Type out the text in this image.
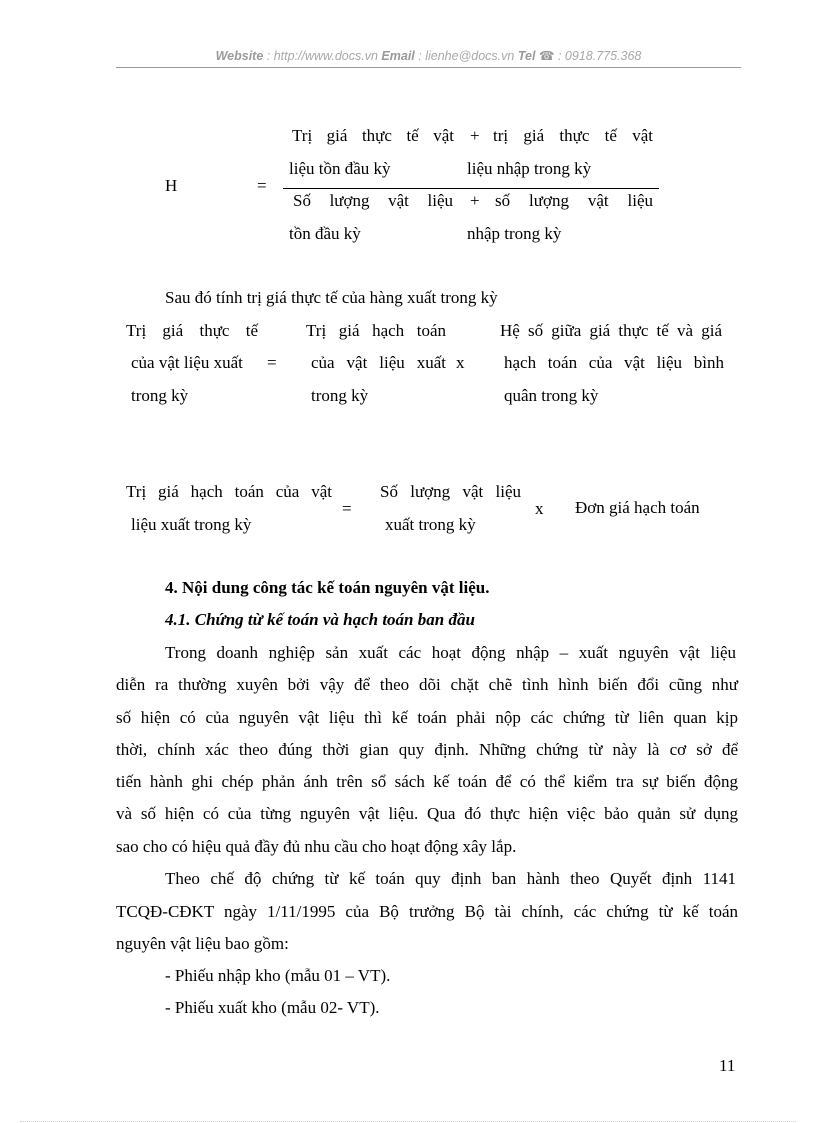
Website : http://www.docs.vn Email : lienhe@docs.vn Tel ☎ : 0918.775.368
Trị giá thực tế vật + trị giá thực tế vật
liệu tồn đầu kỳ	liệu nhập trong kỳ
H	=
Số lượng vật liệu + số lượng vật liệu
tồn đầu kỳ	nhập trong kỳ
Sau đó tính trị giá thực tế của hàng xuất trong kỳ
Trị giá thực tế
của vật liệu xuất =
trong kỳ
Trị giá hạch toán
của vật liệu xuất x
trong kỳ
Hệ số giữa giá thực tế và giá
hạch toán của vật liệu bình
quân trong kỳ
Trị giá hạch toán của vật
liệu xuất trong kỳ
=
Số lượng vật liệu
xuất trong kỳ
x Đơn giá hạch toán
4. Nội dung công tác kế toán nguyên vật liệu.
4.1. Chứng từ kế toán và hạch toán ban đầu
Trong doanh nghiệp sản xuất các hoạt động nhập – xuất nguyên vật liệu
diễn ra thường xuyên bởi vậy để theo dõi chặt chẽ tình hình biến đổi cũng như
số hiện có của nguyên vật liệu thì kế toán phải nộp các chứng từ liên quan kịp
thời, chính xác theo đúng thời gian quy định. Những chứng từ này là cơ sở để
tiến hành ghi chép phản ánh trên sổ sách kế toán để có thể kiểm tra sự biến động
và số hiện có của từng nguyên vật liệu. Qua đó thực hiện việc bảo quản sử dụng
sao cho có hiệu quả đầy đủ nhu cầu cho hoạt động xây lắp.
Theo chế độ chứng từ kế toán quy định ban hành theo Quyết định 1141
TCQĐ-CĐKT ngày 1/11/1995 của Bộ trưởng Bộ tài chính, các chứng từ kế toán
nguyên vật liệu bao gồm:
- Phiếu nhập kho (mẫu 01 – VT).
- Phiếu xuất kho (mẫu 02- VT).
11
